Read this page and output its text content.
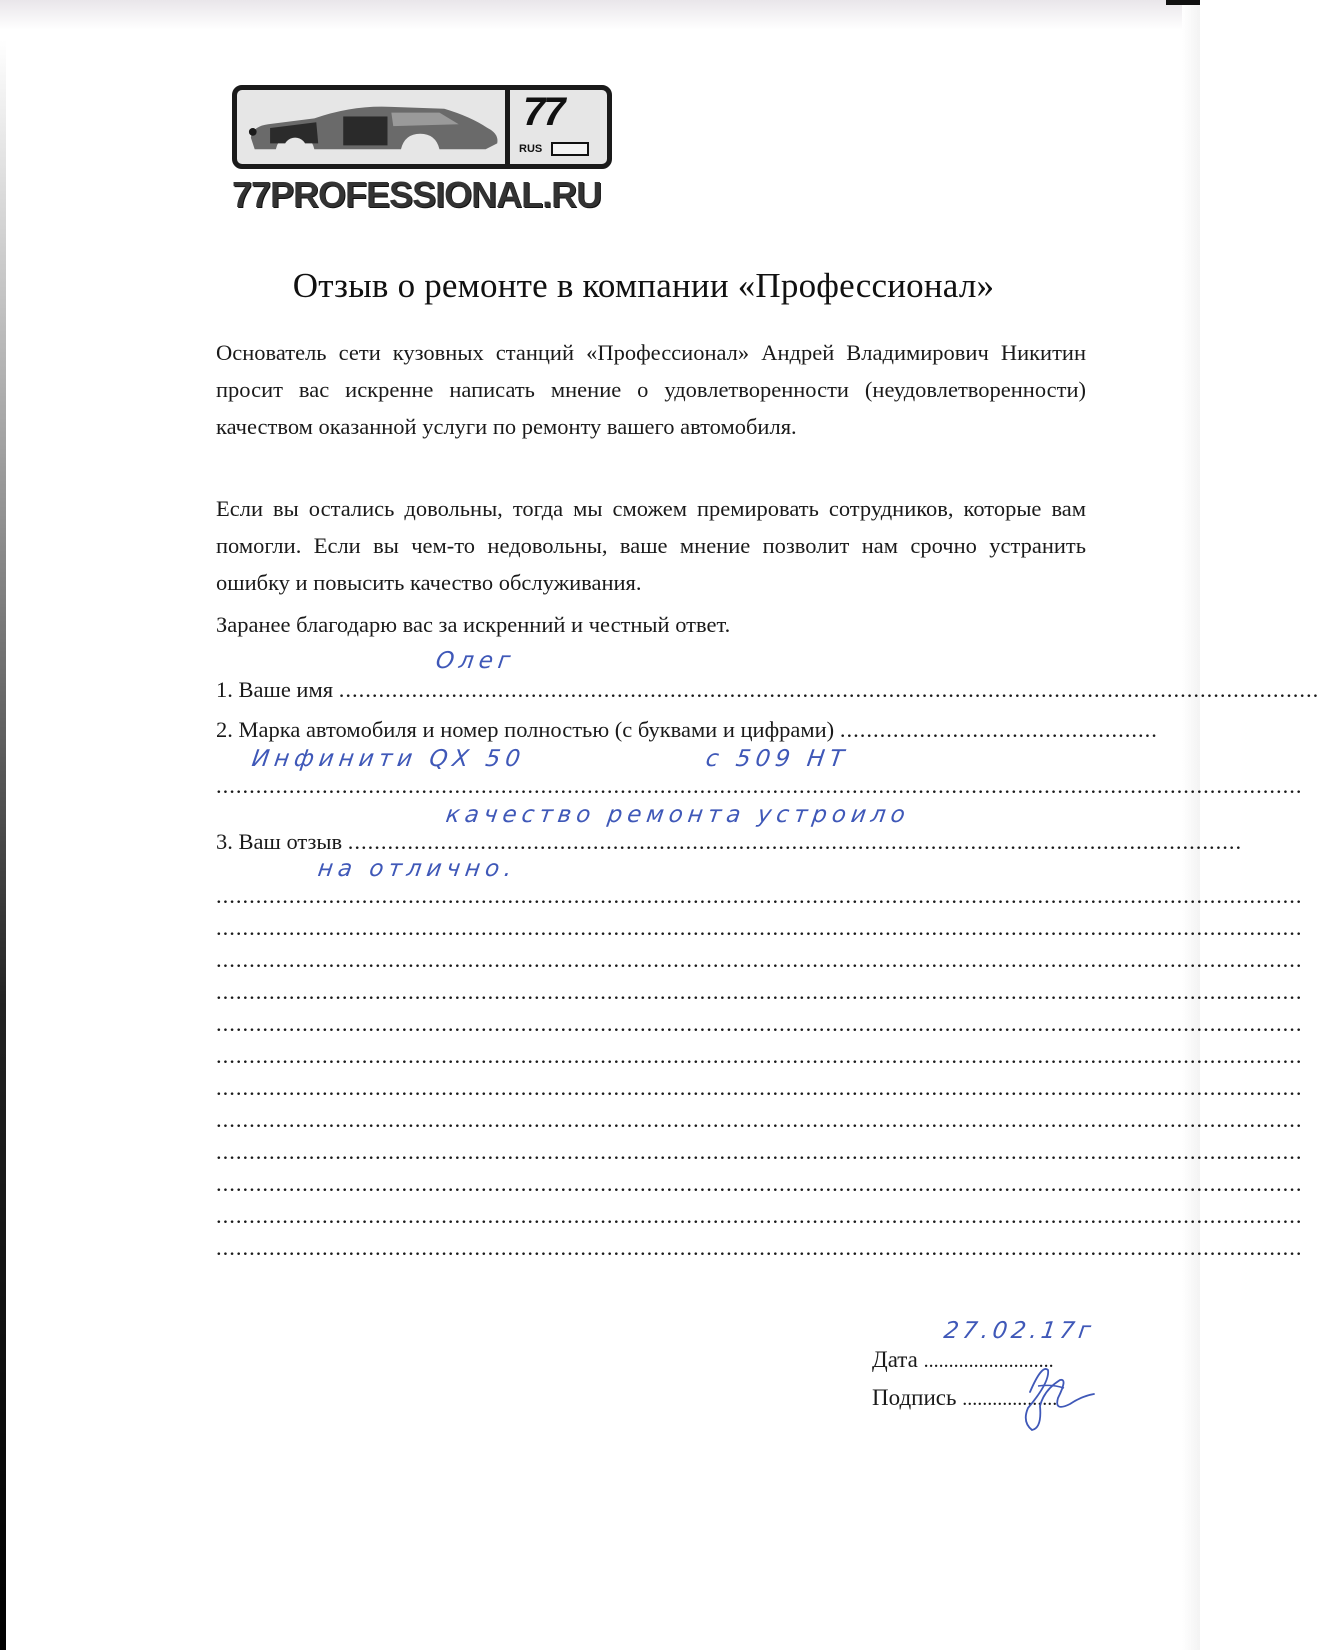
77
RUS
77PROFESSIONAL.RU
Отзыв о ремонте в компании «Профессионал»
Основатель сети кузовных станций «Профессионал» Андрей Владимирович Никитин просит вас искренне написать мнение о удовлетворенности (неудовлетворенности) качеством оказанной услуги по ремонту вашего автомобиля.
Если вы остались довольны, тогда мы сможем премировать сотрудников, которые вам помогли. Если вы чем-то недовольны, ваше мнение позволит нам срочно устранить ошибку и повысить качество обслуживания.
Заранее благодарю вас за искренний и честный ответ.
Олег
1. Ваше имя ....................................................................................................................................................
2. Марка автомобиля и номер полностью (с буквами и цифрами) ................................................
Инфинити QX 50	с 509 НТ
....................................................................................................................................................................
качество ремонта устроило
3. Ваш отзыв .......................................................................................................................................
на отлично.
....................................................................................................................................................................
....................................................................................................................................................................
....................................................................................................................................................................
....................................................................................................................................................................
....................................................................................................................................................................
....................................................................................................................................................................
....................................................................................................................................................................
....................................................................................................................................................................
....................................................................................................................................................................
....................................................................................................................................................................
....................................................................................................................................................................
....................................................................................................................................................................
27.02.17г
Дата ..........................
Подпись ...................
